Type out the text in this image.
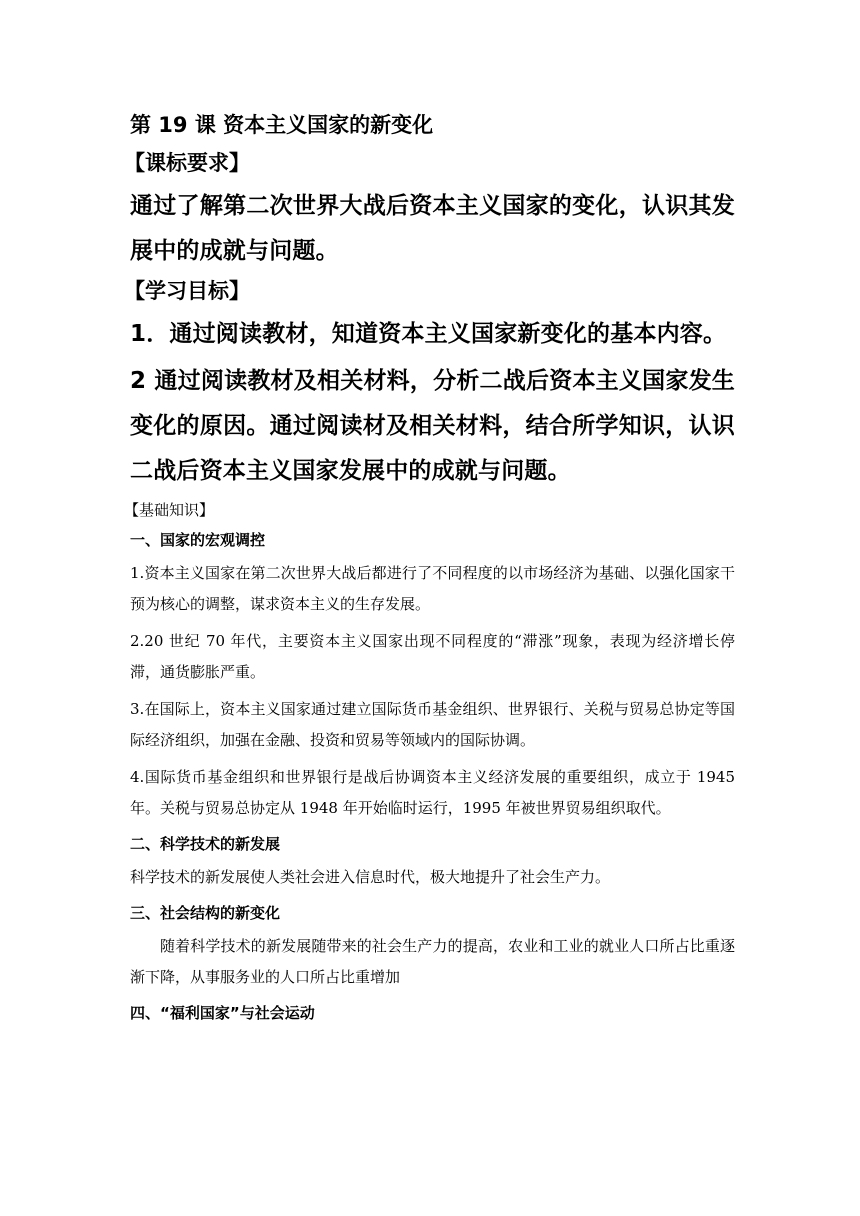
第 19 课 资本主义国家的新变化
【课标要求】
通过了解第二次世界大战后资本主义国家的变化，认识其发展中的成就与问题。
【学习目标】
1．通过阅读教材，知道资本主义国家新变化的基本内容。
2 通过阅读教材及相关材料，分析二战后资本主义国家发生变化的原因。通过阅读材及相关材料，结合所学知识，认识二战后资本主义国家发展中的成就与问题。
【基础知识】
一、国家的宏观调控
1.资本主义国家在第二次世界大战后都进行了不同程度的以市场经济为基础、以强化国家干预为核心的调整，谋求资本主义的生存发展。
2.20 世纪 70 年代，主要资本主义国家出现不同程度的“滞涨”现象，表现为经济增长停滞，通货膨胀严重。
3.在国际上，资本主义国家通过建立国际货币基金组织、世界银行、关税与贸易总协定等国际经济组织，加强在金融、投资和贸易等领域内的国际协调。
4.国际货币基金组织和世界银行是战后协调资本主义经济发展的重要组织，成立于 1945 年。关税与贸易总协定从 1948 年开始临时运行，1995 年被世界贸易组织取代。
二、科学技术的新发展
科学技术的新发展使人类社会进入信息时代，极大地提升了社会生产力。
三、社会结构的新变化
随着科学技术的新发展随带来的社会生产力的提高，农业和工业的就业人口所占比重逐渐下降，从事服务业的人口所占比重增加
四、“福利国家”与社会运动
